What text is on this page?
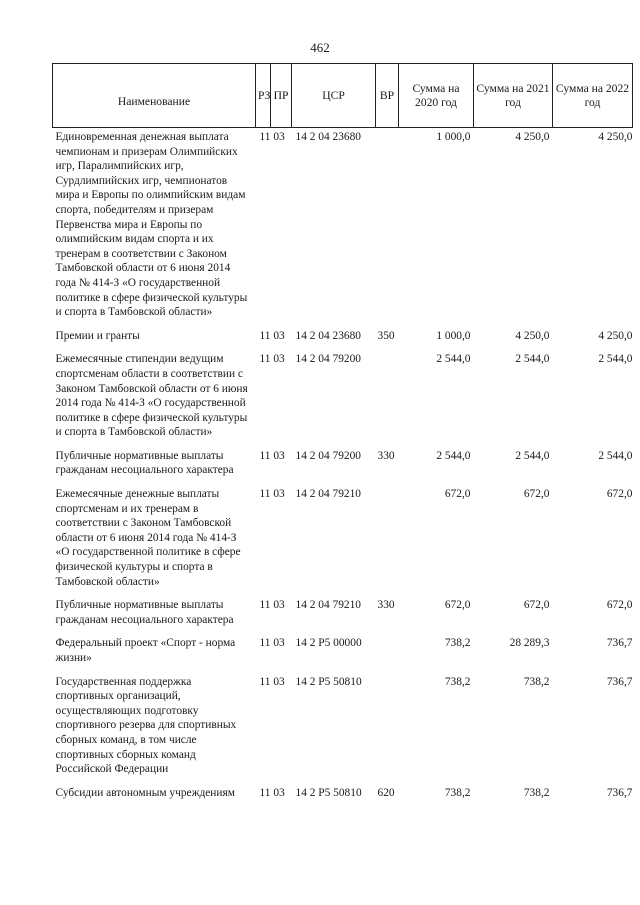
462
Наименование	РЗ	ПР	ЦСР	ВР	Сумма на 2020 год	Сумма на 2021 год	Сумма на 2022 год
Единовременная денежная выплата чемпионам и призерам Олимпийских игр, Паралимпийских игр, Сурдлимпийских игр, чемпионатов мира и Европы по олимпийским видам спорта, победителям и призерам Первенства мира и Европы по олимпийским видам спорта и их тренерам в соответствии с Законом Тамбовской области от 6 июня 2014 года № 414-З «О государственной политике в сфере физической культуры и спорта в Тамбовской области»	11 03		14 2 04 23680		1 000,0	4 250,0	4 250,0
Премии и гранты	11 03		14 2 04 23680	350	1 000,0	4 250,0	4 250,0
Ежемесячные стипендии ведущим спортсменам области в соответствии с Законом Тамбовской области от 6 июня 2014 года № 414-З «О государственной политике в сфере физической культуры и спорта в Тамбовской области»	11 03		14 2 04 79200		2 544,0	2 544,0	2 544,0
Публичные нормативные выплаты гражданам несоциального характера	11 03		14 2 04 79200	330	2 544,0	2 544,0	2 544,0
Ежемесячные денежные выплаты спортсменам и их тренерам в соответствии с Законом Тамбовской области от 6 июня 2014 года № 414-З «О государственной политике в сфере физической культуры и спорта в Тамбовской области»	11 03		14 2 04 79210		672,0	672,0	672,0
Публичные нормативные выплаты гражданам несоциального характера	11 03		14 2 04 79210	330	672,0	672,0	672,0
Федеральный проект «Спорт - норма жизни»	11 03		14 2 P5 00000		738,2	28 289,3	736,7
Государственная поддержка спортивных организаций, осуществляющих подготовку спортивного резерва для спортивных сборных команд, в том числе спортивных сборных команд Российской Федерации	11 03		14 2 P5 50810		738,2	738,2	736,7
Субсидии автономным учреждениям	11 03		14 2 P5 50810	620	738,2	738,2	736,7
